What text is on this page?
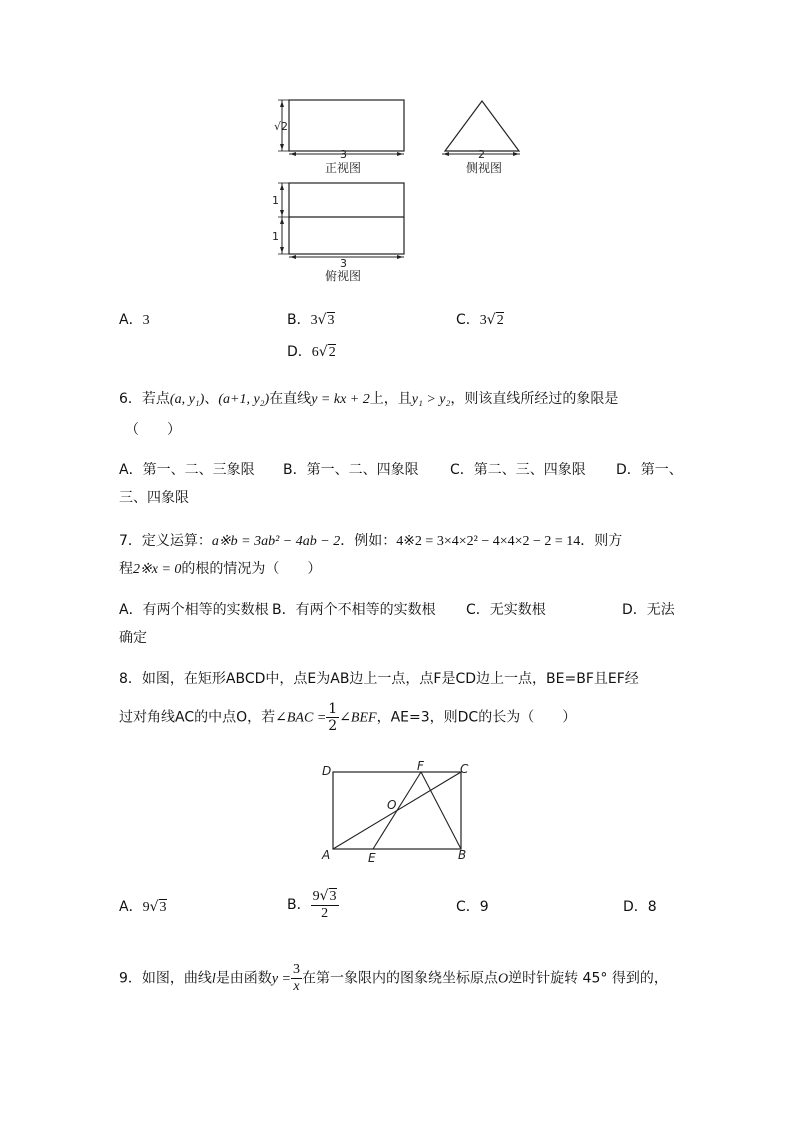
√2
3
正视图
2
侧视图
1
1
3
俯视图
A．3	B．3√3	C．3√2
D．6√2
6．若点(a, y₁)、(a+1, y₂)在直线y = kx + 2上，且y₁ > y₂，则该直线所经过的象限是
（　　）
A．第一、二、三象限 B．第一、二、四象限 C．第二、三、四象限 D．第一、
三、四象限
7．定义运算：a※b = 3ab² − 4ab − 2．例如：4※2 = 3×4×2² − 4×4×2 − 2 = 14．则方
程2※x = 0的根的情况为（　　）
A．有两个相等的实数根 B．有两个不相等的实数根 C．无实数根	D．无法
确定
8．如图，在矩形ABCD中，点E为AB边上一点，点F是CD边上一点，BE=BF且EF经
过对角线AC的中点O，若∠BAC = $\frac{1}{2}$ ∠BEF，AE=3，则DC的长为（　　）
D	F	C
O
A	E	B
A．9√3	B． $\frac{9√3}{2}$	C．9	D．8
9．如图，曲线l是由函数$y = \frac{3}{x}$ 在第一象限内的图象绕坐标原点O逆时针旋转 45° 得到的，
